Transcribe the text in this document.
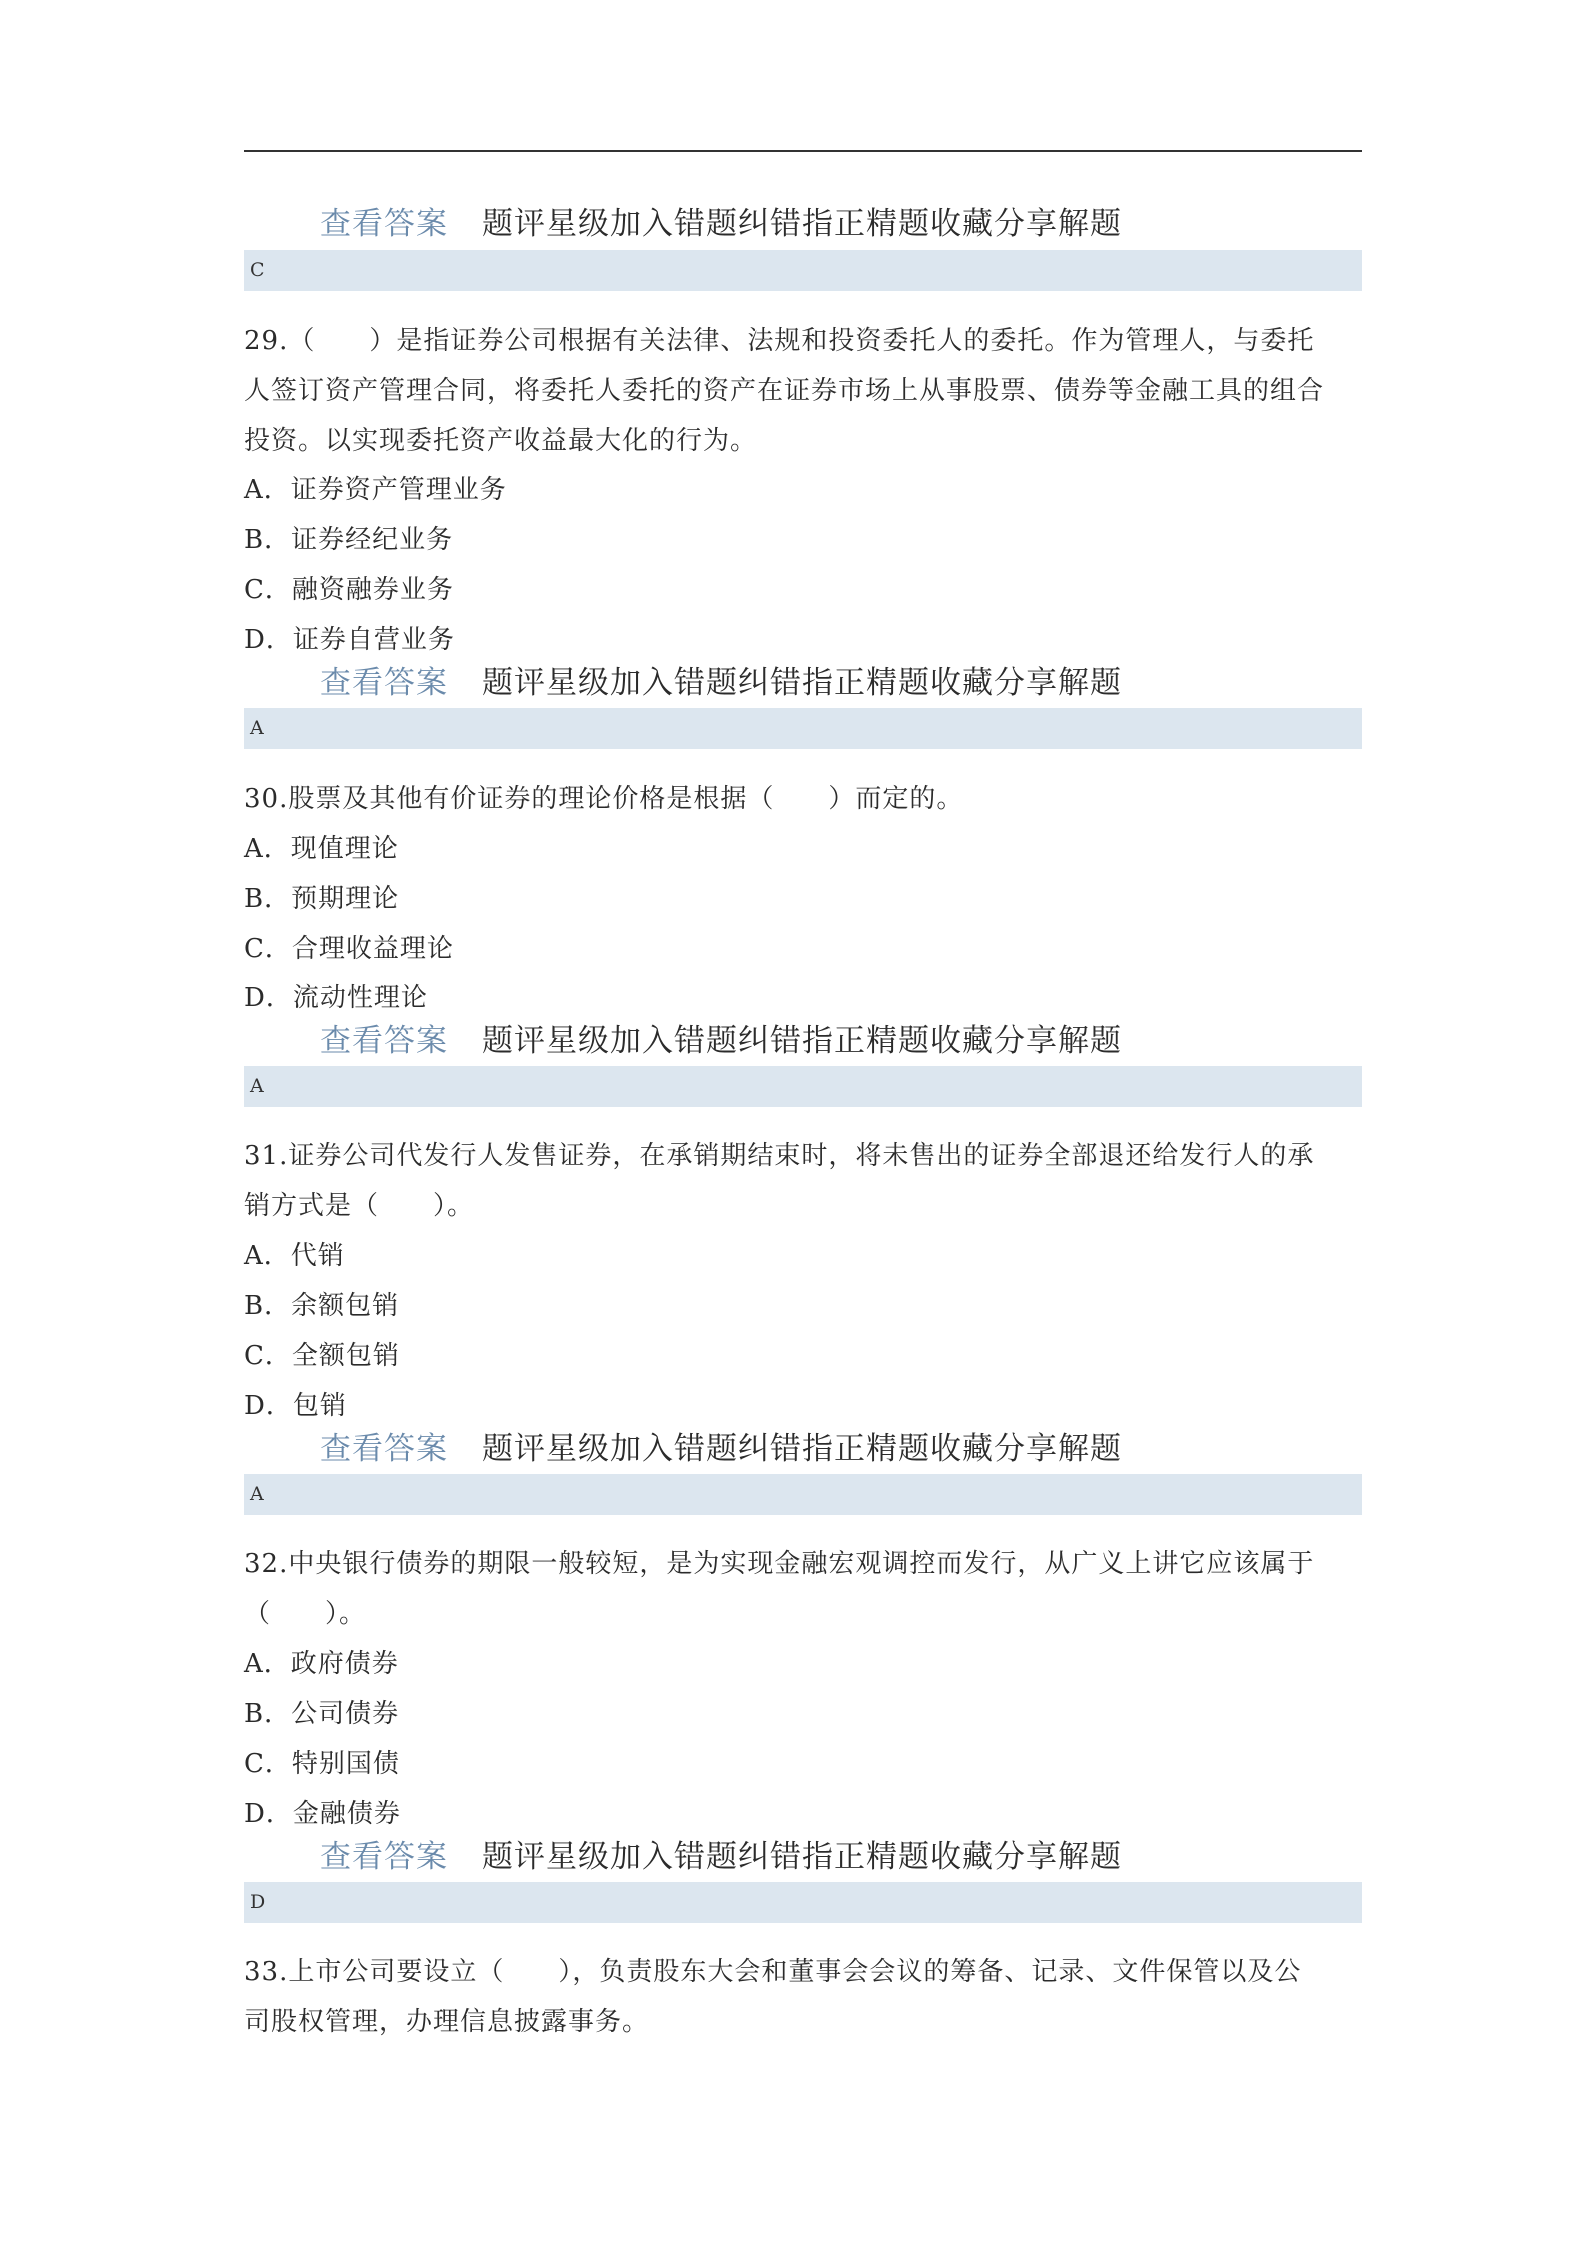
查看答案 题评星级加入错题纠错指正精题收藏分享解题
C
29.（　　）是指证券公司根据有关法律、法规和投资委托人的委托。作为管理人，与委托
人签订资产管理合同，将委托人委托的资产在证券市场上从事股票、债券等金融工具的组合
投资。以实现委托资产收益最大化的行为。
A．证券资产管理业务
B．证券经纪业务
C．融资融券业务
D．证券自营业务
查看答案 题评星级加入错题纠错指正精题收藏分享解题
A
30.股票及其他有价证券的理论价格是根据（　　）而定的。
A．现值理论
B．预期理论
C．合理收益理论
D．流动性理论
查看答案 题评星级加入错题纠错指正精题收藏分享解题
A
31.证券公司代发行人发售证券，在承销期结束时，将未售出的证券全部退还给发行人的承
销方式是（　　）。
A．代销
B．余额包销
C．全额包销
D．包销
查看答案 题评星级加入错题纠错指正精题收藏分享解题
A
32.中央银行债券的期限一般较短，是为实现金融宏观调控而发行，从广义上讲它应该属于
（　　）。
A．政府债券
B．公司债券
C．特别国债
D．金融债券
查看答案 题评星级加入错题纠错指正精题收藏分享解题
D
33.上市公司要设立（　　），负责股东大会和董事会会议的筹备、记录、文件保管以及公
司股权管理，办理信息披露事务。
